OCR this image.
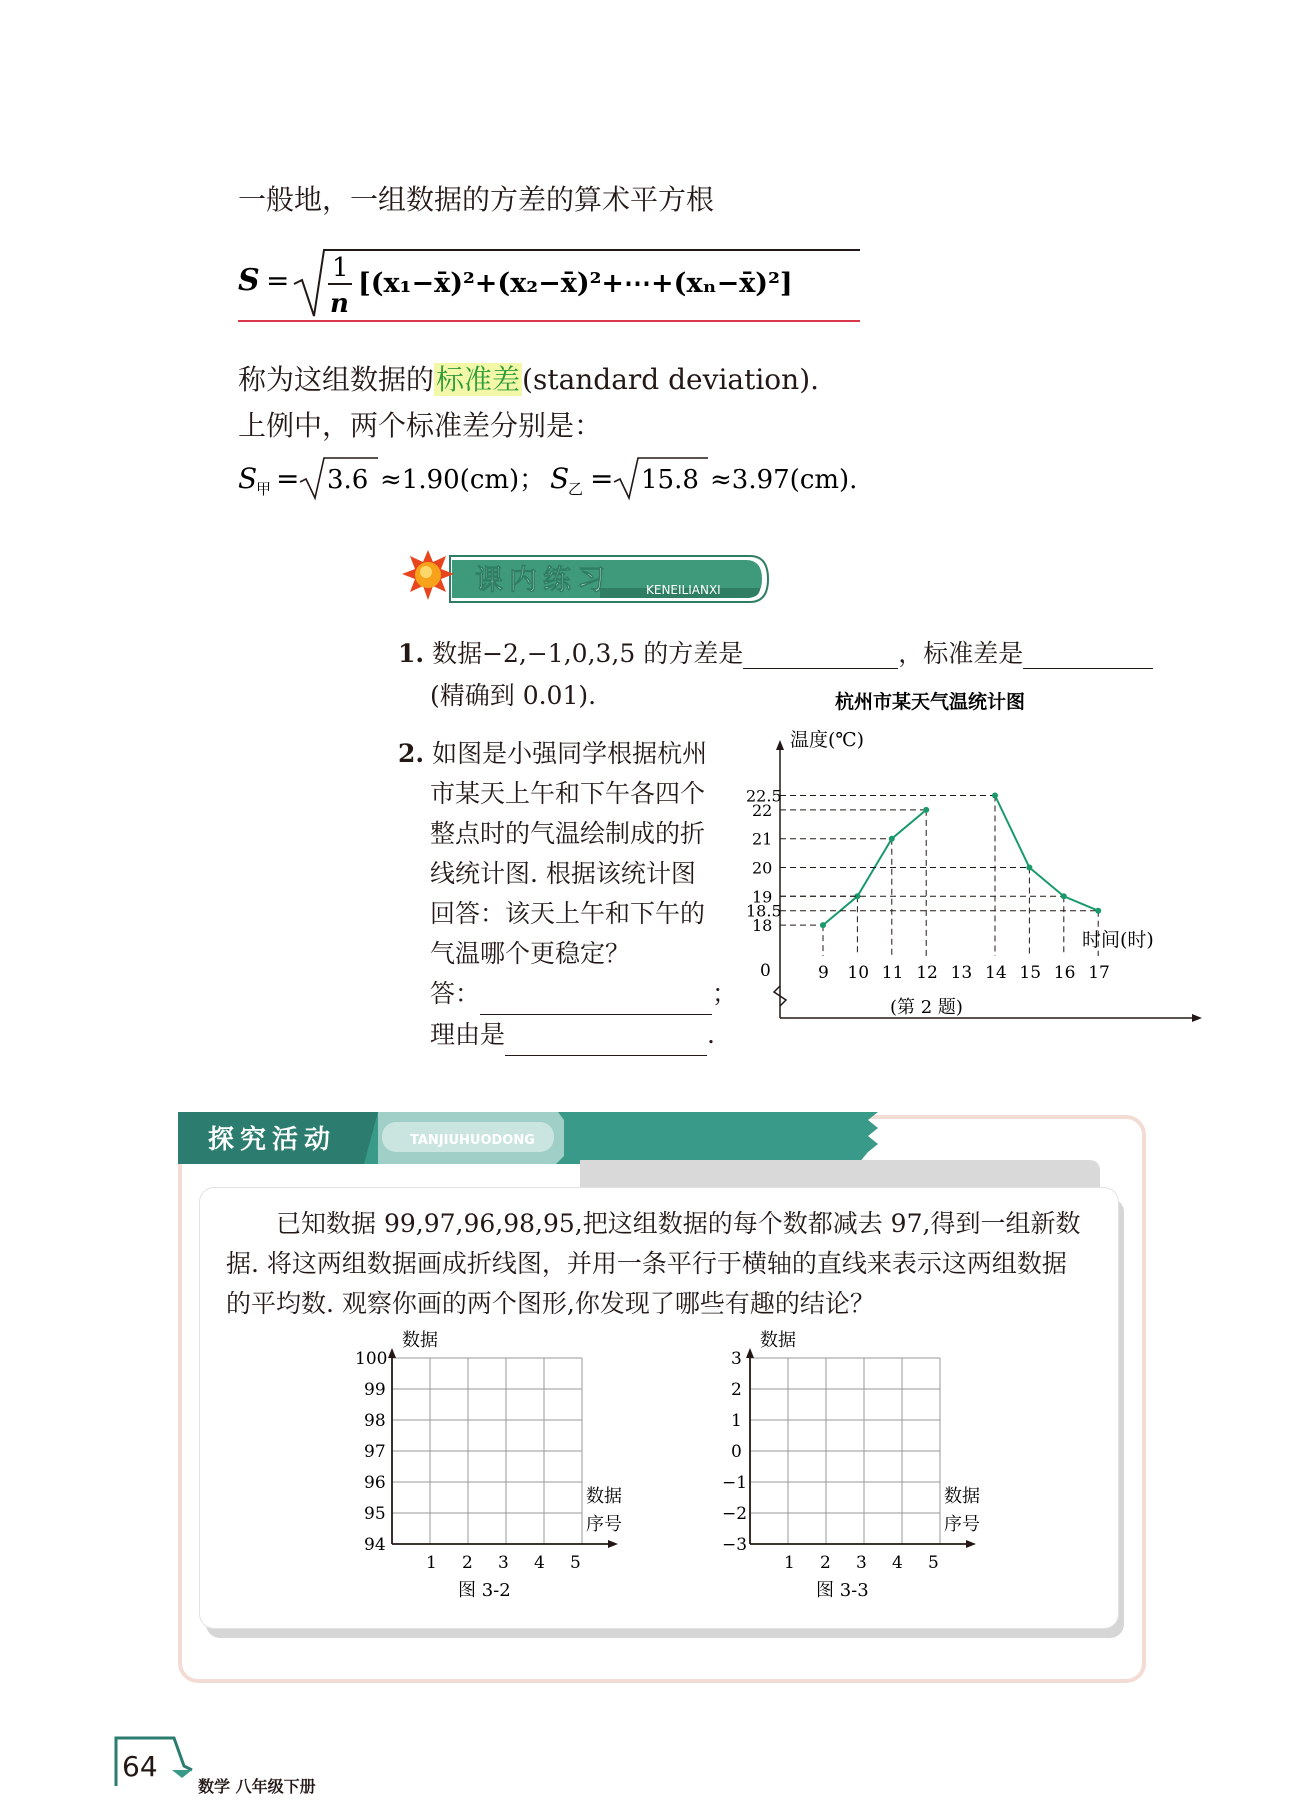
一般地，一组数据的方差的算术平方根
S = 1
n
[(x₁−x̄)²+(x₂−x̄)²+⋯+(xₙ−x̄)²]
称为这组数据的标准差(standard deviation).
上例中，两个标准差分别是：
S
甲 = 3.6 ≈1.90(cm)； S
乙 = 15.8 ≈3.97(cm).
课内练习	KENEILIANXI
1. 数据−2,−1,0,3,5 的方差是	，标准差是
(精确到 0.01).
2. 如图是小强同学根据杭州
市某天上午和下午各四个
整点时的气温绘制成的折
线统计图. 根据该统计图
回答：该天上午和下午的
气温哪个更稳定？
答：	；
理由是	.
杭州市某天气温统计图
温度(℃)
时间(时)
0
18
18.5
19
20
21
22
22.5
9 10 11 12 13 14 15 16 17
(第 2 题)
探究活动	TANJIUHUODONG
已知数据 99,97,96,98,95,把这组数据的每个数都减去 97,得到一组新数
据. 将这两组数据画成折线图，并用一条平行于横轴的直线来表示这两组数据
的平均数. 观察你画的两个图形,你发现了哪些有趣的结论？
数据
94
95
96
97
98
99
100
1 2 3 4 5
数据
序号
图 3-2
数据
−3
−2
−1
0
1
2
3
1 2 3 4 5
数据
序号
图 3-3
64
数学 八年级下册
